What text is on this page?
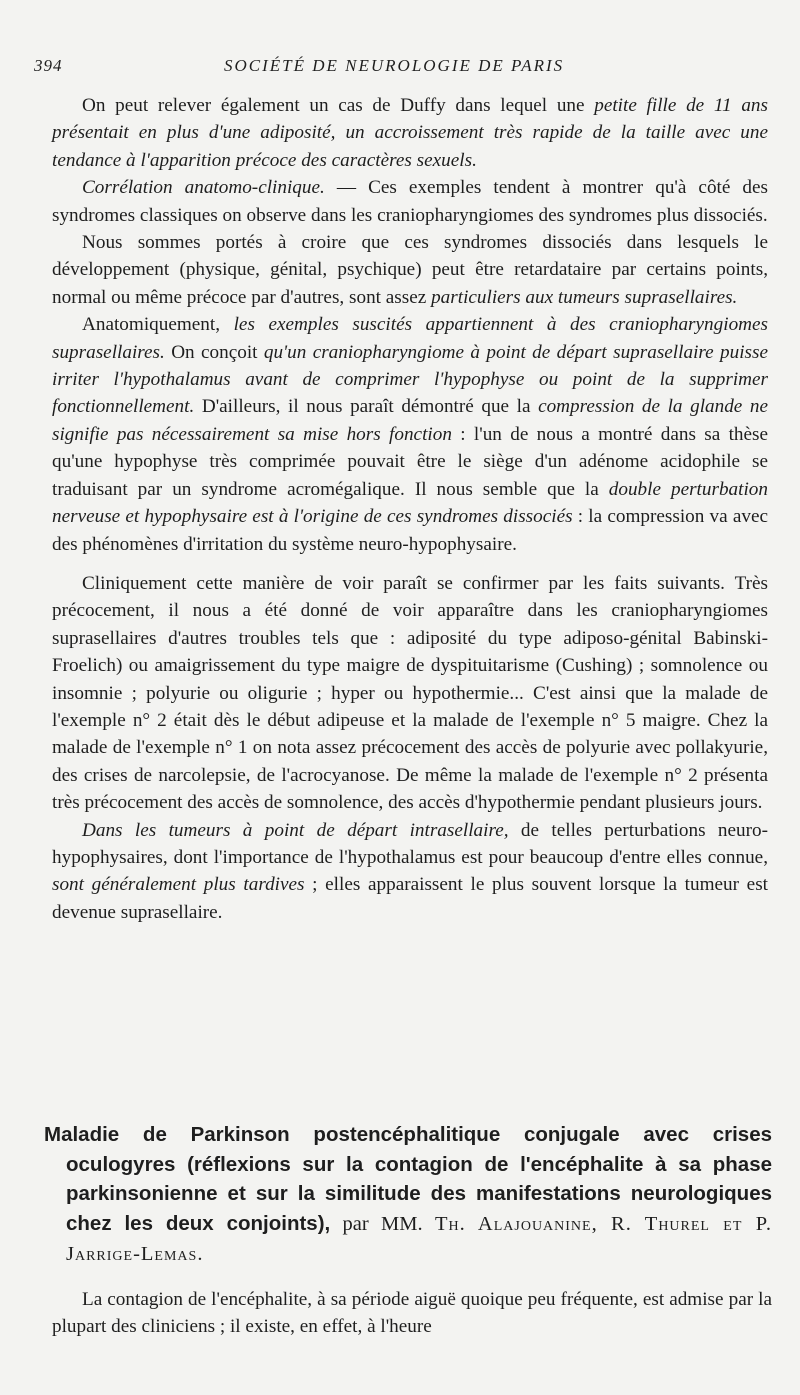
394	SOCIÉTÉ DE NEUROLOGIE DE PARIS

On peut relever également un cas de Duffy dans lequel une petite fille de 11 ans présentait en plus d'une adiposité, un accroissement très rapide de la taille avec une tendance à l'apparition précoce des caractères sexuels.

Corrélation anatomo-clinique. — Ces exemples tendent à montrer qu'à côté des syndromes classiques on observe dans les craniopharyngiomes des syndromes plus dissociés.

Nous sommes portés à croire que ces syndromes dissociés dans lesquels le développement (physique, génital, psychique) peut être retardataire par certains points, normal ou même précoce par d'autres, sont assez particuliers aux tumeurs suprasellaires.

Anatomiquement, les exemples suscités appartiennent à des craniopharyngiomes suprasellaires. On conçoit qu'un craniopharyngiome à point de départ suprasellaire puisse irriter l'hypothalamus avant de comprimer l'hypophyse ou point de la supprimer fonctionnellement. D'ailleurs, il nous paraît démontré que la compression de la glande ne signifie pas nécessairement sa mise hors fonction : l'un de nous a montré dans sa thèse qu'une hypophyse très comprimée pouvait être le siège d'un adénome acidophile se traduisant par un syndrome acromégalique. Il nous semble que la double perturbation nerveuse et hypophysaire est à l'origine de ces syndromes dissociés : la compression va avec des phénomènes d'irritation du système neuro-hypophysaire.

Cliniquement cette manière de voir paraît se confirmer par les faits suivants. Très précocement, il nous a été donné de voir apparaître dans les craniopharyngiomes suprasellaires d'autres troubles tels que : adiposité du type adiposo-génital Babinski-Froelich) ou amaigrissement du type maigre de dyspituitarisme (Cushing) ; somnolence ou insomnie ; polyurie ou oligurie ; hyper ou hypothermie... C'est ainsi que la malade de l'exemple n° 2 était dès le début adipeuse et la malade de l'exemple n° 5 maigre. Chez la malade de l'exemple n° 1 on nota assez précocement des accès de polyurie avec pollakyurie, des crises de narcolepsie, de l'acrocyanose. De même la malade de l'exemple n° 2 présenta très précocement des accès de somnolence, des accès d'hypothermie pendant plusieurs jours.

Dans les tumeurs à point de départ intrasellaire, de telles perturbations neuro-hypophysaires, dont l'importance de l'hypothalamus est pour beaucoup d'entre elles connue, sont généralement plus tardives ; elles apparaissent le plus souvent lorsque la tumeur est devenue suprasellaire.

Maladie de Parkinson postencéphalitique conjugale avec crises oculogyres (réflexions sur la contagion de l'encéphalite à sa phase parkinsonienne et sur la similitude des manifestations neurologiques chez les deux conjoints), par MM. Th. Alajouanine, R. Thurel et P. Jarrige-Lemas.

La contagion de l'encéphalite, à sa période aiguë quoique peu fréquente, est admise par la plupart des cliniciens ; il existe, en effet, à l'heure
